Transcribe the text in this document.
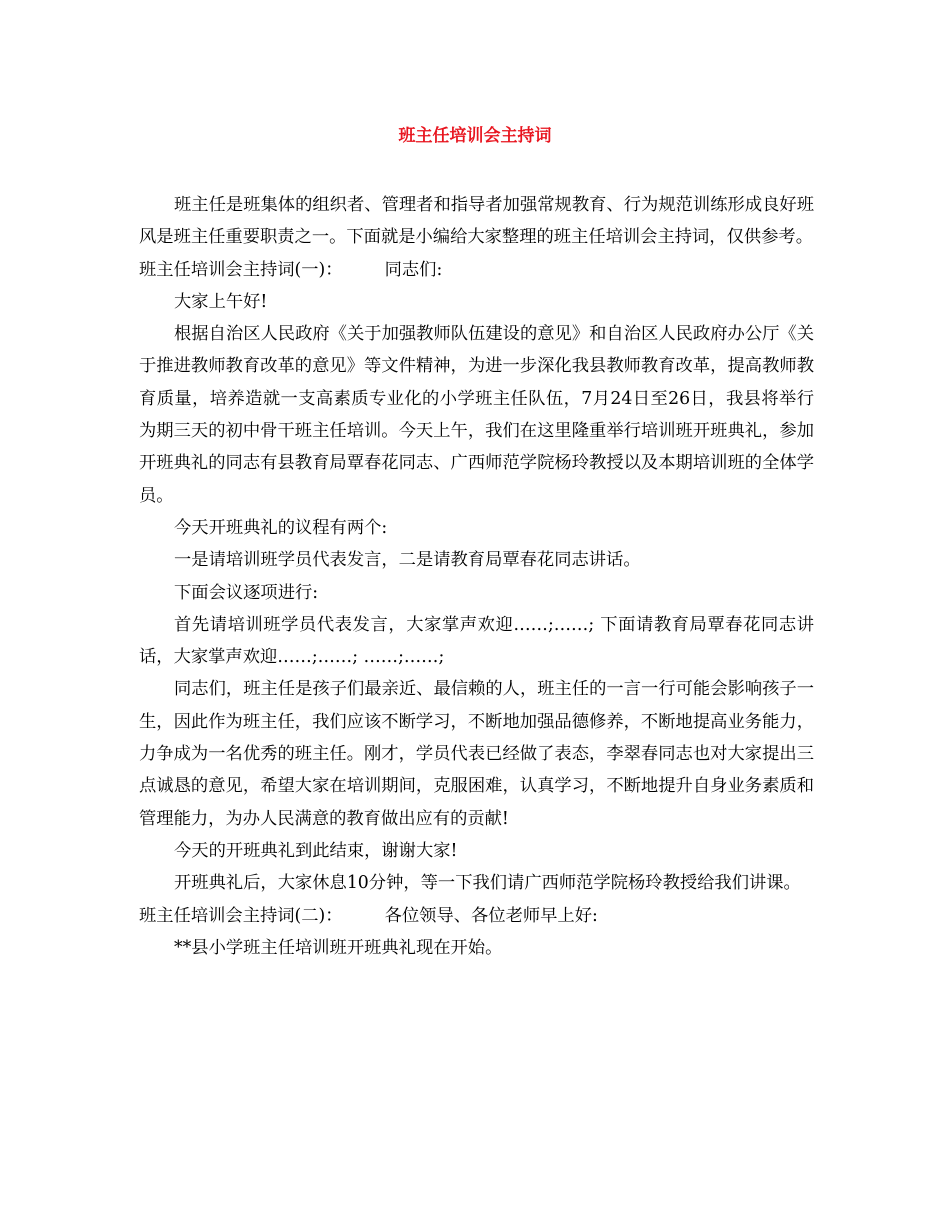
班主任培训会主持词

班主任是班集体的组织者、管理者和指导者加强常规教育、行为规范训练形成良好班风是班主任重要职责之一。下面就是小编给大家整理的班主任培训会主持词，仅供参考。

班主任培训会主持词(一)： 同志们:

大家上午好!

根据自治区人民政府《关于加强教师队伍建设的意见》和自治区人民政府办公厅《关于推进教师教育改革的意见》等文件精神，为进一步深化我县教师教育改革，提高教师教育质量，培养造就一支高素质专业化的小学班主任队伍，7月24日至26日，我县将举行为期三天的初中骨干班主任培训。今天上午，我们在这里隆重举行培训班开班典礼，参加开班典礼的同志有县教育局覃春花同志、广西师范学院杨玲教授以及本期培训班的全体学员。

今天开班典礼的议程有两个:

一是请培训班学员代表发言，二是请教育局覃春花同志讲话。

下面会议逐项进行:

首先请培训班学员代表发言，大家掌声欢迎……;……; 下面请教育局覃春花同志讲话，大家掌声欢迎……;……; ……;……;

同志们，班主任是孩子们最亲近、最信赖的人，班主任的一言一行可能会影响孩子一生，因此作为班主任，我们应该不断学习，不断地加强品德修养，不断地提高业务能力，力争成为一名优秀的班主任。刚才，学员代表已经做了表态，李翠春同志也对大家提出三点诚恳的意见，希望大家在培训期间，克服困难，认真学习，不断地提升自身业务素质和管理能力，为办人民满意的教育做出应有的贡献!

今天的开班典礼到此结束，谢谢大家!

开班典礼后，大家休息10分钟，等一下我们请广西师范学院杨玲教授给我们讲课。

班主任培训会主持词(二)： 各位领导、各位老师早上好:

**县小学班主任培训班开班典礼现在开始。
